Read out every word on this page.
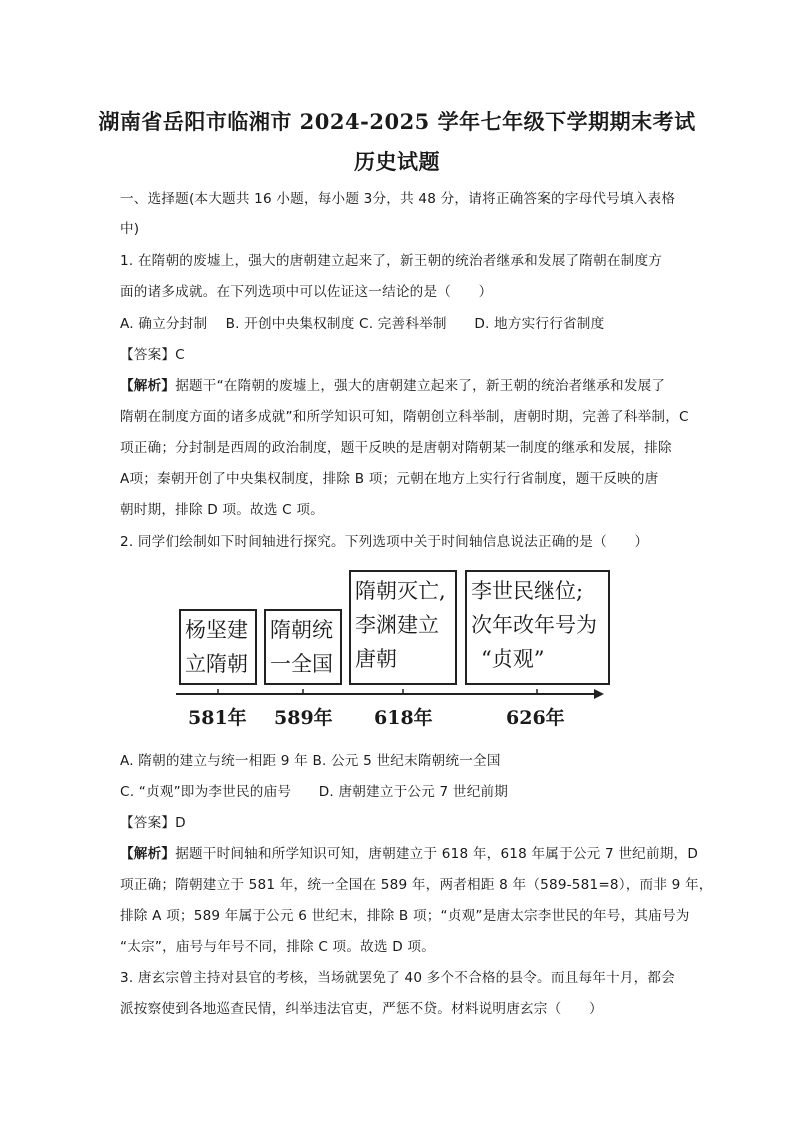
湖南省岳阳市临湘市 2024-2025 学年七年级下学期期末考试
历史试题
一、选择题(本大题共 16 小题，每小题 3分，共 48 分，请将正确答案的字母代号填入表格
中)
1. 在隋朝的废墟上，强大的唐朝建立起来了，新王朝的统治者继承和发展了隋朝在制度方
面的诸多成就。在下列选项中可以佐证这一结论的是（　　）
A. 确立分封制　 B. 开创中央集权制度 C. 完善科举制　　D. 地方实行行省制度
【答案】C
【解析】据题干“在隋朝的废墟上，强大的唐朝建立起来了，新王朝的统治者继承和发展了
隋朝在制度方面的诸多成就”和所学知识可知，隋朝创立科举制，唐朝时期，完善了科举制，C
项正确；分封制是西周的政治制度，题干反映的是唐朝对隋朝某一制度的继承和发展，排除
A项；秦朝开创了中央集权制度，排除 B 项；元朝在地方上实行行省制度，题干反映的唐
朝时期，排除 D 项。故选 C 项。
2. 同学们绘制如下时间轴进行探究。下列选项中关于时间轴信息说法正确的是（　　）
杨坚建
立隋朝
隋朝统
一全国
隋朝灭亡,
李渊建立
唐朝
李世民继位;
次年改年号为
“贞观”
581年 589年 618年	626年
A. 隋朝的建立与统一相距 9 年 B. 公元 5 世纪末隋朝统一全国
C. “贞观”即为李世民的庙号　　D. 唐朝建立于公元 7 世纪前期
【答案】D
【解析】据题干时间轴和所学知识可知，唐朝建立于 618 年，618 年属于公元 7 世纪前期，D
项正确；隋朝建立于 581 年，统一全国在 589 年，两者相距 8 年（589-581=8），而非 9 年，
排除 A 项；589 年属于公元 6 世纪末，排除 B 项；“贞观”是唐太宗李世民的年号，其庙号为
“太宗”，庙号与年号不同，排除 C 项。故选 D 项。
3. 唐玄宗曾主持对县官的考核，当场就罢免了 40 多个不合格的县令。而且每年十月，都会
派按察使到各地巡查民情，纠举违法官吏，严惩不贷。材料说明唐玄宗（　　）
